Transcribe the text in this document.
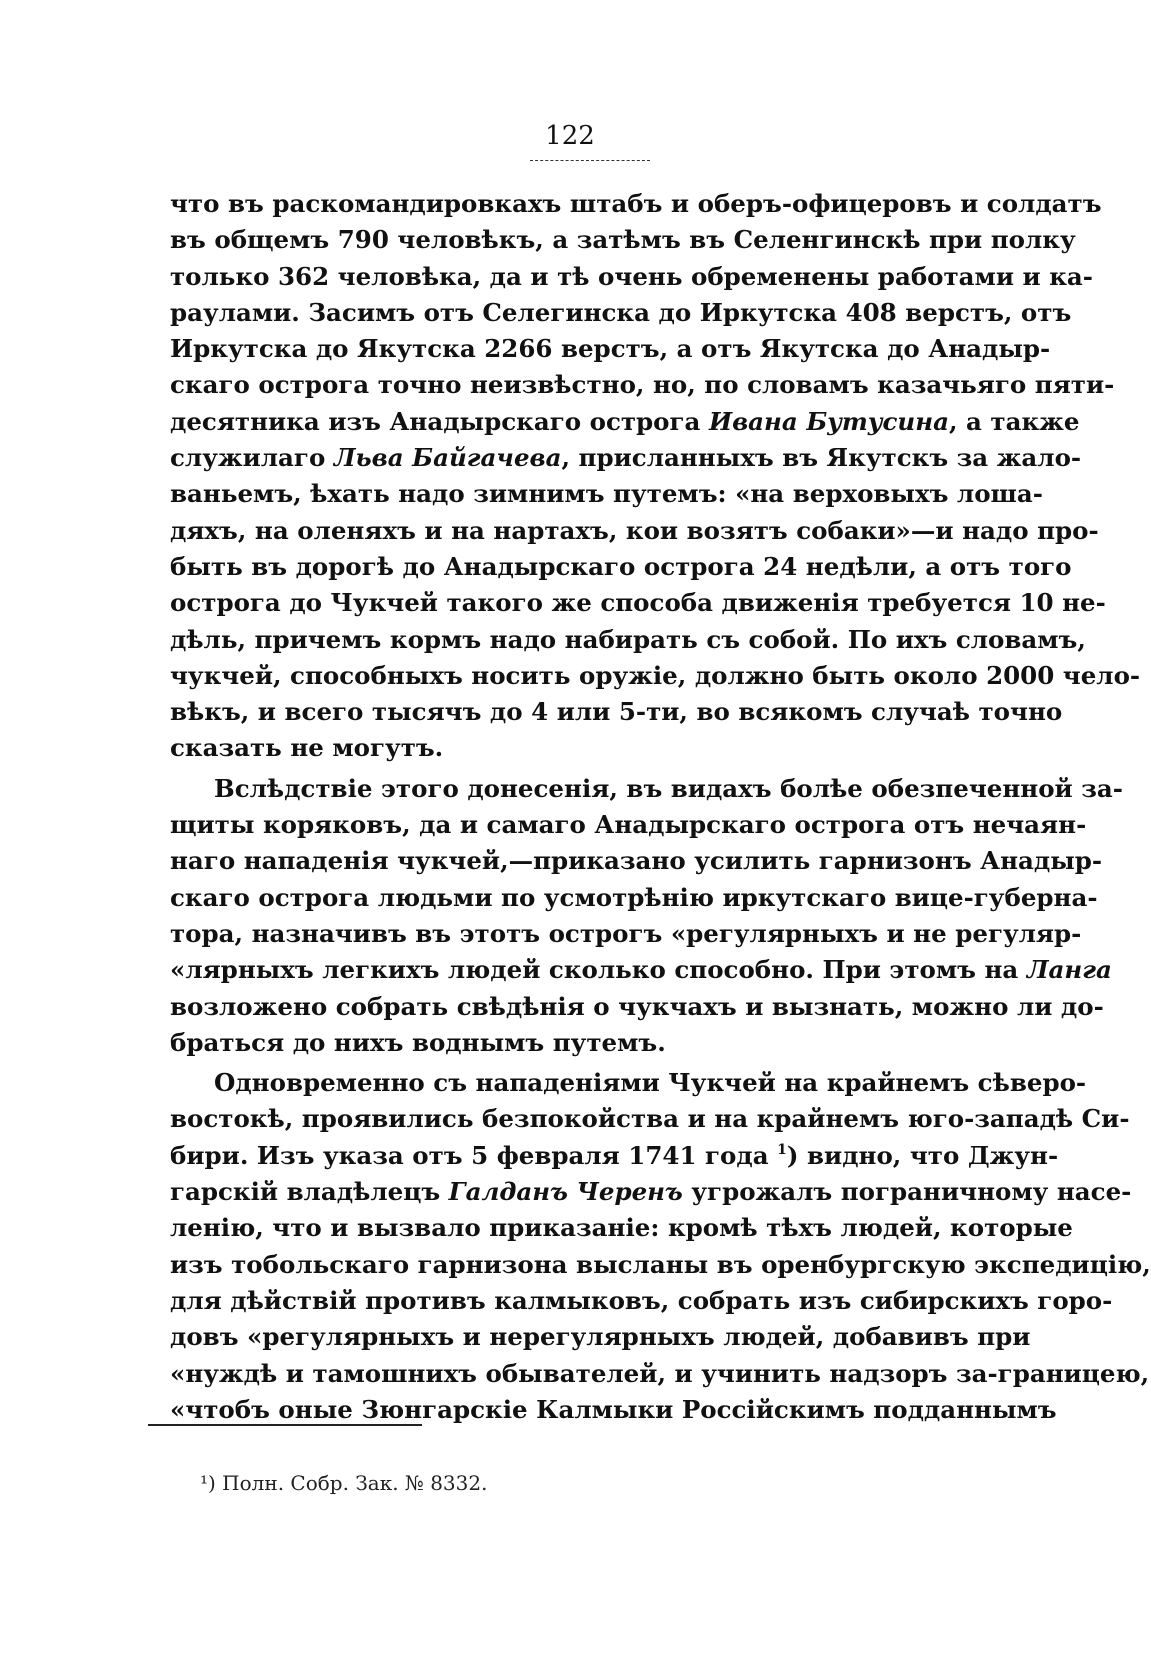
122
что въ раскомандировкахъ штабъ и оберъ-офицеровъ и солдатъ
въ общемъ 790 человѣкъ, а затѣмъ въ Селенгинскѣ при полку
только 362 человѣка, да и тѣ очень обременены работами и ка-
раулами. Засимъ отъ Селегинска до Иркутска 408 верстъ, отъ
Иркутска до Якутска 2266 верстъ, а отъ Якутска до Анадыр-
скаго острога точно неизвѣстно, но, по словамъ казачьяго пяти-
десятника изъ Анадырскаго острога Ивана Бутусина, а также
служилаго Льва Байгачева, присланныхъ въ Якутскъ за жало-
ваньемъ, ѣхать надо зимнимъ путемъ: «на верховыхъ лошa-
дяхъ, на оленяхъ и на нартахъ, кои возятъ собаки»—и надо про-
быть въ дорогѣ до Анадырскаго острога 24 недѣли, а отъ того
острога до Чукчей такого же способа движенія требуется 10 не-
дѣль, причемъ кормъ надо набирать съ собой. По ихъ словамъ,
чукчей, способныхъ носить оружіе, должно быть около 2000 чело-
вѣкъ, и всего тысячъ до 4 или 5-ти, во всякомъ случаѣ точно
сказать не могутъ.
Вслѣдствіе этого донесенія, въ видахъ болѣе обезпеченной за-
щиты коряковъ, да и самаго Анадырскаго острога отъ нечаян-
наго нападенія чукчей,—приказано усилить гарнизонъ Анадыр-
скаго острога людьми по усмотрѣнію иркутскаго вице-губерна-
тора, назначивъ въ этотъ острогъ «регулярныхъ и не регуляр-
«лярныхъ легкихъ людей сколько способно. При этомъ на Ланга
возложено собрать свѣдѣнія о чукчахъ и вызнать, можно ли до-
браться до нихъ воднымъ путемъ.
Одновременно съ нападеніями Чукчей на крайнемъ сѣверо-
востокѣ, проявились безпокойства и на крайнемъ юго-западѣ Си-
бири. Изъ указа отъ 5 февраля 1741 года $^1$) видно, что Джун-
гарскій владѣлецъ Галданъ Черенъ угрожалъ пограничному насе-
ленію, что и вызвало приказаніе: кромѣ тѣхъ людей, которые
изъ тобольскаго гарнизона высланы въ оренбургскую экспедицію,
для дѣйствій противъ калмыковъ, собрать изъ сибирскихъ горо-
довъ «регулярныхъ и нерегулярныхъ людей, добавивъ при
«нуждѣ и тамошнихъ обывателей, и учинить надзоръ за-границею,
«чтобъ оные Зюнгарскіе Калмыки Россійскимъ подданнымъ
¹) Полн. Собр. Зак. № 8332.
